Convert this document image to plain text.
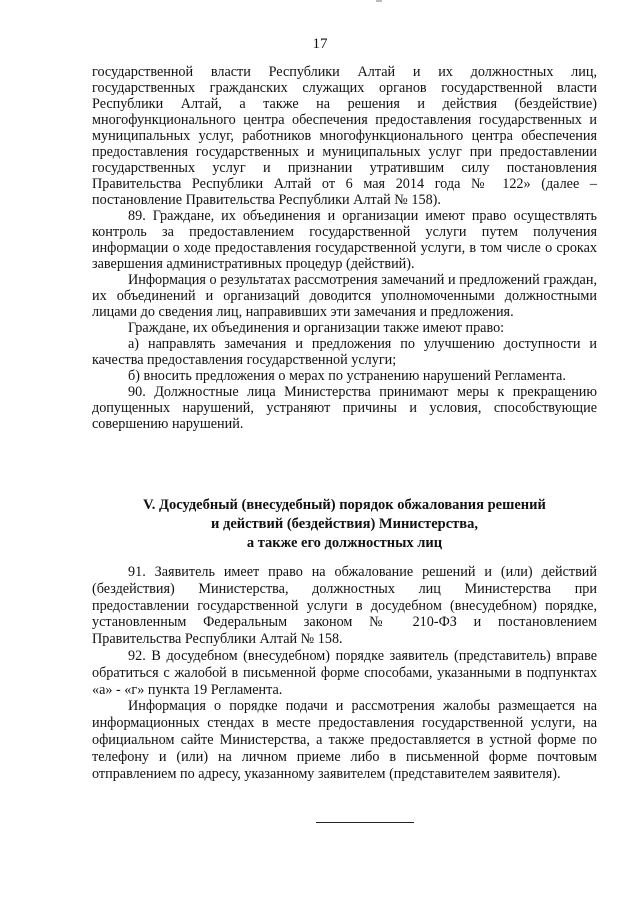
17

государственной власти Республики Алтай и их должностных лиц, государственных гражданских служащих органов государственной власти Республики Алтай, а также на решения и действия (бездействие) многофункционального центра обеспечения предоставления государственных и муниципальных услуг, работников многофункционального центра обеспечения предоставления государственных и муниципальных услуг при предоставлении государственных услуг и признании утратившим силу постановления Правительства Республики Алтай от 6 мая 2014 года № 122» (далее – постановление Правительства Республики Алтай № 158).

89. Граждане, их объединения и организации имеют право осуществлять контроль за предоставлением государственной услуги путем получения информации о ходе предоставления государственной услуги, в том числе о сроках завершения административных процедур (действий).

Информация о результатах рассмотрения замечаний и предложений граждан, их объединений и организаций доводится уполномоченными должностными лицами до сведения лиц, направивших эти замечания и предложения.

Граждане, их объединения и организации также имеют право:

а) направлять замечания и предложения по улучшению доступности и качества предоставления государственной услуги;

б) вносить предложения о мерах по устранению нарушений Регламента.

90. Должностные лица Министерства принимают меры к прекращению допущенных нарушений, устраняют причины и условия, способствующие совершению нарушений.

V. Досудебный (внесудебный) порядок обжалования решений
и действий (бездействия) Министерства,
а также его должностных лиц

91. Заявитель имеет право на обжалование решений и (или) действий (бездействия) Министерства, должностных лиц Министерства при предоставлении государственной услуги в досудебном (внесудебном) порядке, установленным Федеральным законом № 210-ФЗ и постановлением Правительства Республики Алтай № 158.

92. В досудебном (внесудебном) порядке заявитель (представитель) вправе обратиться с жалобой в письменной форме способами, указанными в подпунктах «а» - «г» пункта 19 Регламента.

Информация о порядке подачи и рассмотрения жалобы размещается на информационных стендах в месте предоставления государственной услуги, на официальном сайте Министерства, а также предоставляется в устной форме по телефону и (или) на личном приеме либо в письменной форме почтовым отправлением по адресу, указанному заявителем (представителем заявителя).
